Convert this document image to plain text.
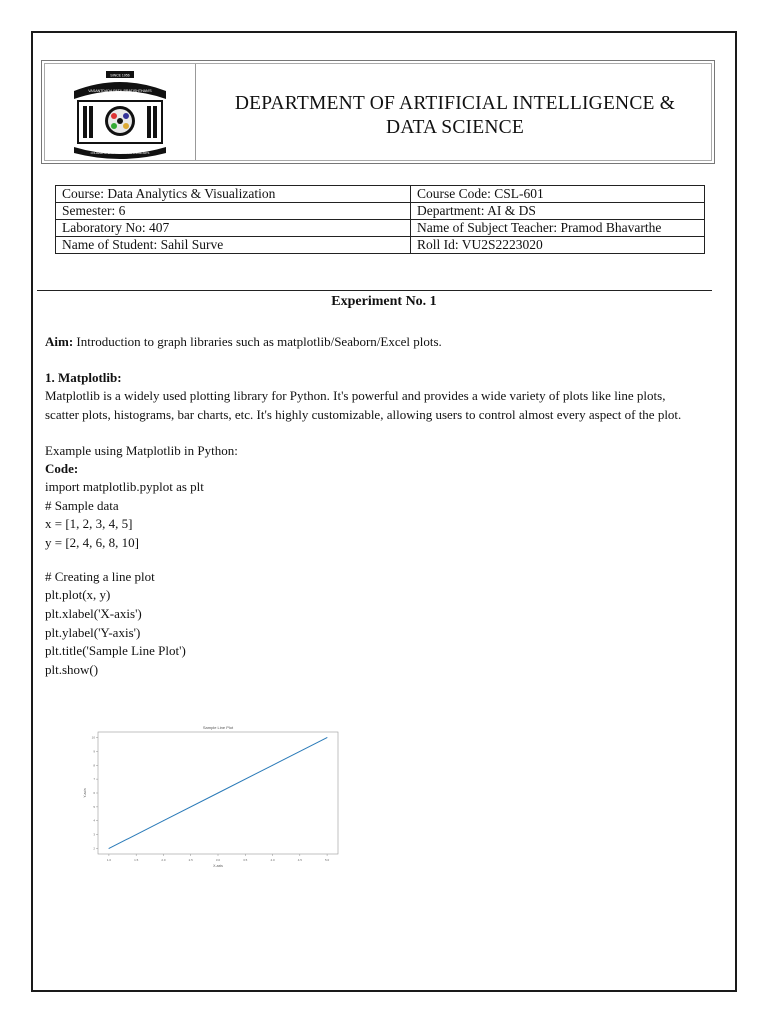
SINCE 1956
VASANTDADA PATIL PRATISHTHAN'S
COLLEGE OF ENGINEERING AND VISUAL ARTS
DEPARTMENT OF ARTIFICIAL INTELLIGENCE &
DATA SCIENCE
Course: Data Analytics & Visualization	Course Code: CSL-601
Semester: 6	Department: AI & DS
Laboratory No: 407	Name of Subject Teacher: Pramod Bhavarthe
Name of Student: Sahil Surve	Roll Id: VU2S2223020
Experiment No. 1
Aim: Introduction to graph libraries such as matplotlib/Seaborn/Excel plots.
1. Matplotlib:
Matplotlib is a widely used plotting library for Python. It's powerful and provides a wide variety of plots like line plots,
scatter plots, histograms, bar charts, etc. It's highly customizable, allowing users to control almost every aspect of the plot.
Example using Matplotlib in Python:
Code:
import matplotlib.pyplot as plt
# Sample data
x = [1, 2, 3, 4, 5]
y = [2, 4, 6, 8, 10]
# Creating a line plot
plt.plot(x, y)
plt.xlabel('X-axis')
plt.ylabel('Y-axis')
plt.title('Sample Line Plot')
plt.show()
Sample Line Plot
X-axis
Y-axis
1.0	1.5	2.0	2.5	3.0	3.5	4.0	4.5	5.0
2
3
4
5
6
7
8
9
10
